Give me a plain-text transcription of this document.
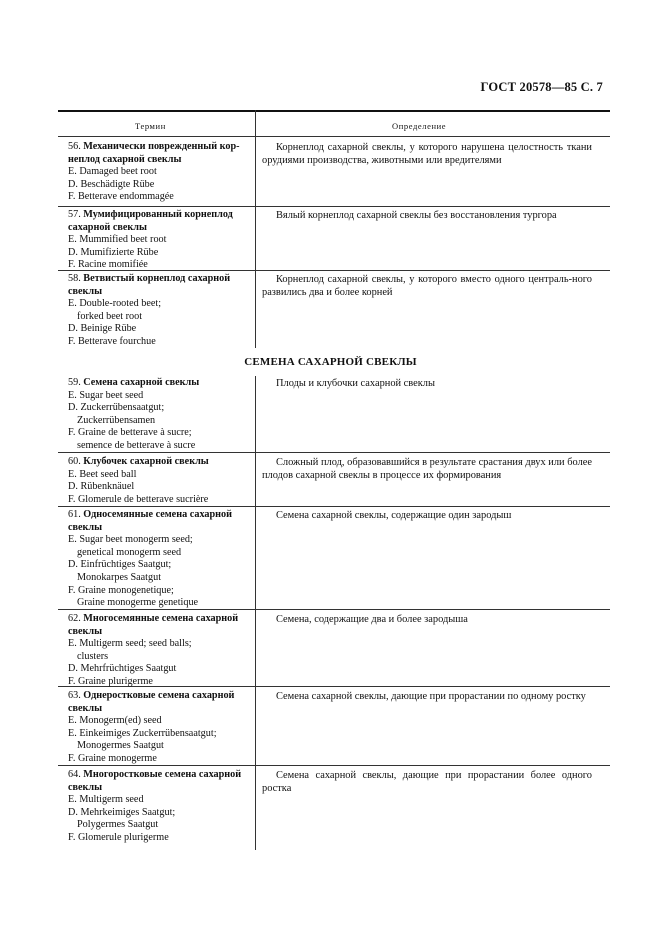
ГОСТ 20578—85 С. 7
Термин	Определение
СЕМЕНА САХАРНОЙ СВЕКЛЫ
56. Механически поврежденный кор-
неплод сахарной свеклы
E. Damaged beet root
D. Beschädigte Rübe
F. Betterave endommagée
Корнеплод сахарной свеклы, у которого нарушена целостность ткани орудиями производства, животными или вредителями
57. Мумифицированный корнеплод
сахарной свеклы
E. Mummified beet root
D. Mumifizierte Rübe
F. Racine momifiée
Вялый корнеплод сахарной свеклы без восстановления тургора
58. Ветвистый корнеплод сахарной
свеклы
E. Double-rooted beet;
forked beet root
D. Beinige Rübe
F. Betterave fourchue
Корнеплод сахарной свеклы, у которого вместо одного централь-ного развились два и более корней
59. Семена сахарной свеклы
E. Sugar beet seed
D. Zuckerrübensaatgut;
Zuckerrübensamen
F. Graine de betterave à sucre;
semence de betterave à sucre
Плоды и клубочки сахарной свеклы
60. Клубочек сахарной свеклы
E. Beet seed ball
D. Rübenknäuel
F. Glomerule de betterave sucrière
Сложный плод, образовавшийся в результате срастания двух или более плодов сахарной свеклы в процессе их формирования
61. Односемянные семена сахарной
свеклы
E. Sugar beet monogerm seed;
genetical monogerm seed
D. Einfrüchtiges Saatgut;
Monokarpes Saatgut
F. Graine monogenetique;
Graine monogerme genetique
Семена сахарной свеклы, содержащие один зародыш
62. Многосемянные семена сахарной
свеклы
E. Multigerm seed; seed balls;
clusters
D. Mehrfrüchtiges Saatgut
F. Graine plurigerme
Семена, содержащие два и более зародыша
63. Однеростковые семена сахарной
свеклы
E. Monogerm(ed) seed
E. Einkeimiges Zuckerrübensaatgut;
Monogermes Saatgut
F. Graine monogerme
Семена сахарной свеклы, дающие при прорастании по одному ростку
64. Многоростковые семена сахарной
свеклы
E. Multigerm seed
D. Mehrkeimiges Saatgut;
Polygermes Saatgut
F. Glomerule plurigerme
Семена сахарной свеклы, дающие при прорастании более одного ростка
